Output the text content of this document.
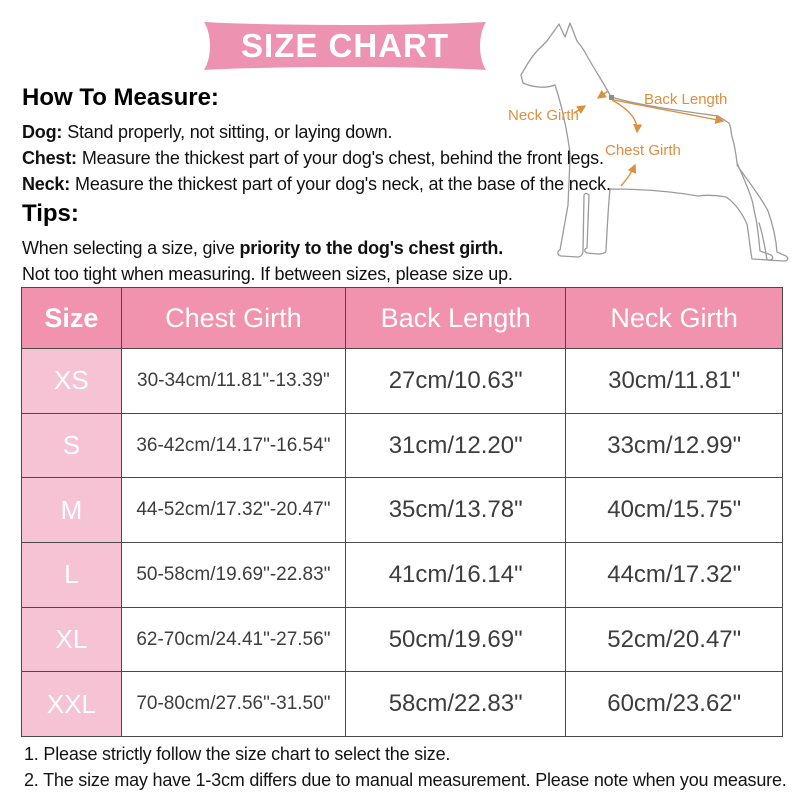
Neck Girth
Back Length
Chest Girth
SIZE CHART
How To Measure:
Dog: Stand properly, not sitting, or laying down.
Chest: Measure the thickest part of your dog's chest, behind the front legs.
Neck: Measure the thickest part of your dog's neck, at the base of the neck.
Tips:
When selecting a size, give priority to the dog's chest girth.
Not too tight when measuring. If between sizes, please size up.
Size	Chest Girth	Back Length	Neck Girth
XS	30-34cm/11.81"-13.39"	27cm/10.63"	30cm/11.81"
S	36-42cm/14.17"-16.54"	31cm/12.20"	33cm/12.99"
M	44-52cm/17.32"-20.47"	35cm/13.78"	40cm/15.75"
L	50-58cm/19.69"-22.83"	41cm/16.14"	44cm/17.32"
XL	62-70cm/24.41"-27.56"	50cm/19.69"	52cm/20.47"
XXL	70-80cm/27.56"-31.50"	58cm/22.83"	60cm/23.62"

1. Please strictly follow the size chart to select the size.

2. The size may have 1-3cm differs due to manual measurement. Please note when you measure.
